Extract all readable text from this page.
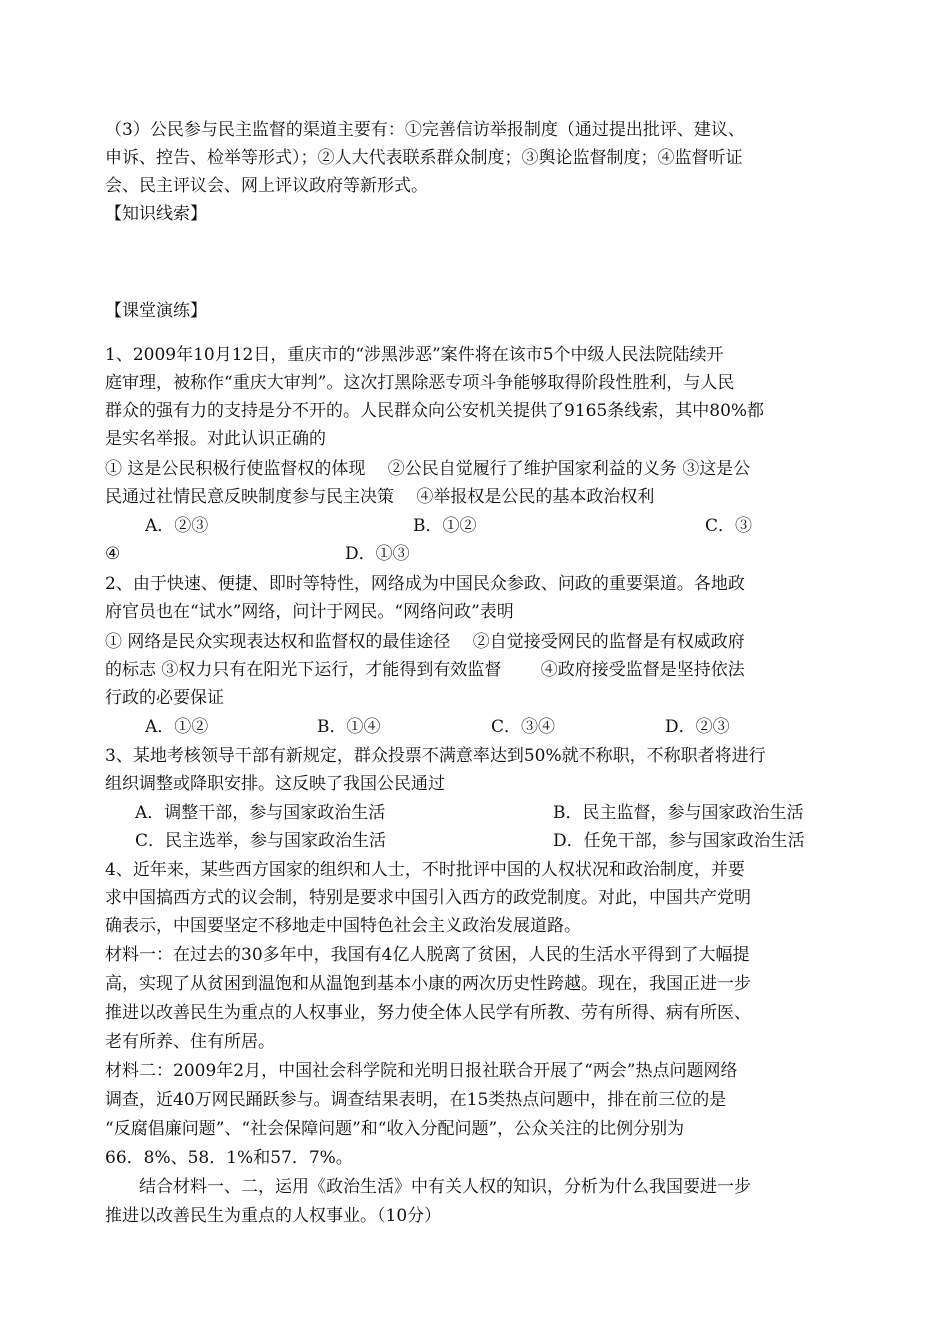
（3）公民参与民主监督的渠道主要有：①完善信访举报制度（通过提出批评、建议、
申诉、控告、检举等形式）；②人大代表联系群众制度；③舆论监督制度；④监督听证
会、民主评议会、网上评议政府等新形式。
【知识线索】
【课堂演练】
1、2009年10月12日，重庆市的“涉黑涉恶”案件将在该市5个中级人民法院陆续开
庭审理，被称作“重庆大审判”。这次打黑除恶专项斗争能够取得阶段性胜利，与人民
群众的强有力的支持是分不开的。人民群众向公安机关提供了9165条线索，其中80%都
是实名举报。对此认识正确的
① 这是公民积极行使监督权的体现　 ②公民自觉履行了维护国家利益的义务 ③这是公
民通过社情民意反映制度参与民主决策　 ④举报权是公民的基本政治权利
A．②③	B．①②	C．③
④	D．①③
2、由于快速、便捷、即时等特性，网络成为中国民众参政、问政的重要渠道。各地政
府官员也在“试水”网络，问计于网民。“网络问政”表明
① 网络是民众实现表达权和监督权的最佳途径　 ②自觉接受网民的监督是有权威政府
的标志 ③权力只有在阳光下运行，才能得到有效监督　　 ④政府接受监督是坚持依法
行政的必要保证
A．①②	B．①④	C．③④	D．②③
3、某地考核领导干部有新规定，群众投票不满意率达到50%就不称职，不称职者将进行
组织调整或降职安排。这反映了我国公民通过
A．调整干部，参与国家政治生活	B．民主监督，参与国家政治生活
C．民主选举，参与国家政治生活	D．任免干部，参与国家政治生活
4、近年来，某些西方国家的组织和人士，不时批评中国的人权状况和政治制度，并要
求中国搞西方式的议会制，特别是要求中国引入西方的政党制度。对此，中国共产党明
确表示，中国要坚定不移地走中国特色社会主义政治发展道路。
材料一：在过去的30多年中，我国有4亿人脱离了贫困，人民的生活水平得到了大幅提
高，实现了从贫困到温饱和从温饱到基本小康的两次历史性跨越。现在，我国正进一步
推进以改善民生为重点的人权事业，努力使全体人民学有所教、劳有所得、病有所医、
老有所养、住有所居。
材料二：2009年2月，中国社会科学院和光明日报社联合开展了“两会”热点问题网络
调查，近40万网民踊跃参与。调查结果表明，在15类热点问题中，排在前三位的是
“反腐倡廉问题”、“社会保障问题”和“收入分配问题”，公众关注的比例分别为
66．8%、58．1%和57．7%。
　　结合材料一、二，运用《政治生活》中有关人权的知识，分析为什么我国要进一步
推进以改善民生为重点的人权事业。（10分）
